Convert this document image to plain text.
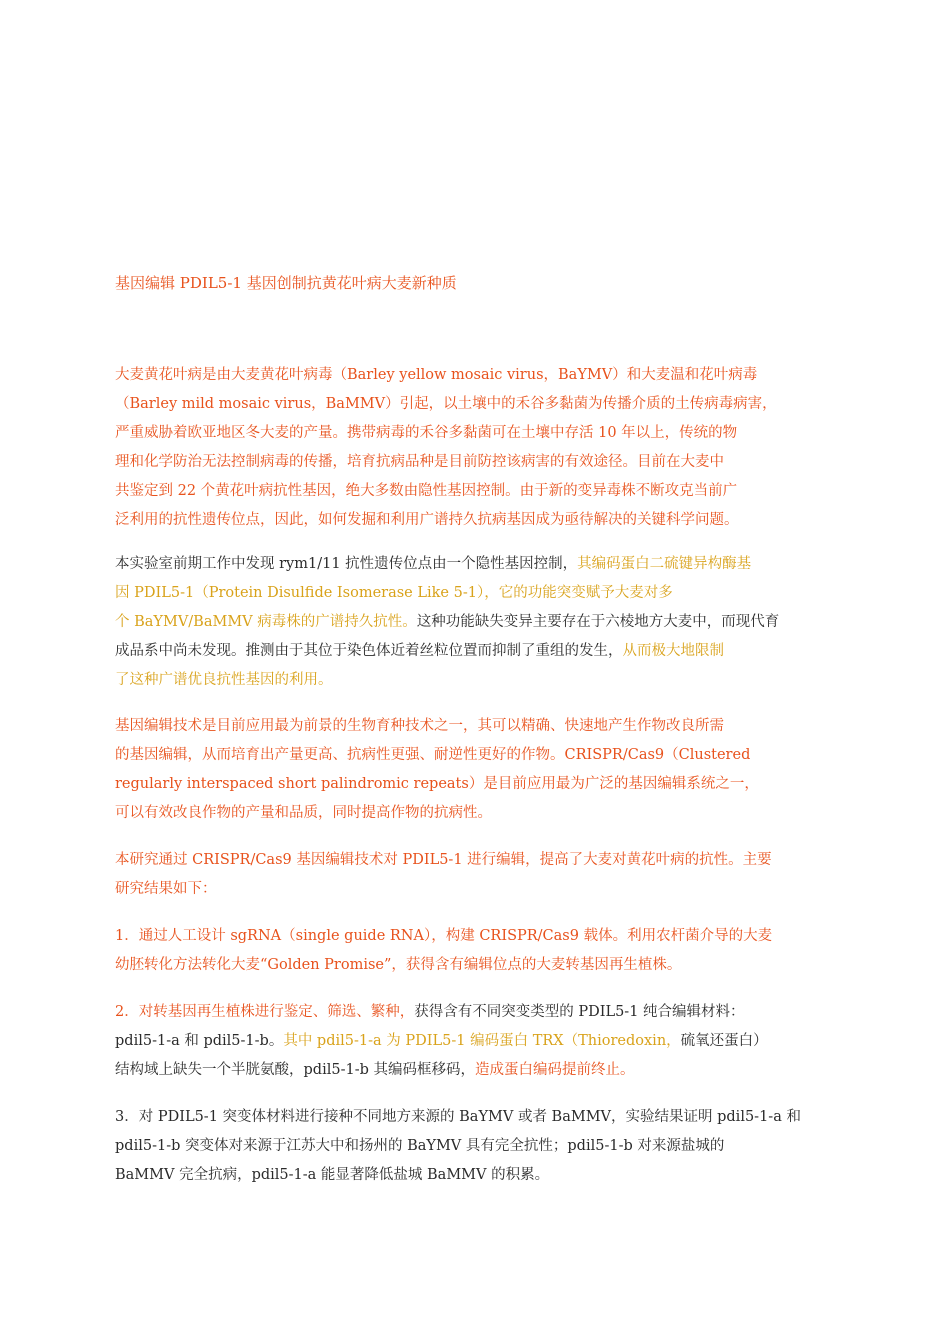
基因编辑 PDIL5-1 基因创制抗黄花叶病大麦新种质
大麦黄花叶病是由大麦黄花叶病毒（Barley yellow mosaic virus，BaYMV）和大麦温和花叶病毒
（Barley mild mosaic virus，BaMMV）引起，以土壤中的禾谷多黏菌为传播介质的土传病毒病害，
严重威胁着欧亚地区冬大麦的产量。携带病毒的禾谷多黏菌可在土壤中存活 10 年以上，传统的物
理和化学防治无法控制病毒的传播，培育抗病品种是目前防控该病害的有效途径。目前在大麦中
共鉴定到 22 个黄花叶病抗性基因，绝大多数由隐性基因控制。由于新的变异毒株不断攻克当前广
泛利用的抗性遗传位点，因此，如何发掘和利用广谱持久抗病基因成为亟待解决的关键科学问题。
本实验室前期工作中发现 rym1/11 抗性遗传位点由一个隐性基因控制，其编码蛋白二硫键异构酶基
因 PDIL5-1（Protein Disulfide Isomerase Like 5-1），它的功能突变赋予大麦对多
个 BaYMV/BaMMV 病毒株的广谱持久抗性。这种功能缺失变异主要存在于六棱地方大麦中，而现代育
成品系中尚未发现。推测由于其位于染色体近着丝粒位置而抑制了重组的发生，从而极大地限制
了这种广谱优良抗性基因的利用。
基因编辑技术是目前应用最为前景的生物育种技术之一，其可以精确、快速地产生作物改良所需
的基因编辑，从而培育出产量更高、抗病性更强、耐逆性更好的作物。CRISPR/Cas9（Clustered
regularly interspaced short palindromic repeats）是目前应用最为广泛的基因编辑系统之一，
可以有效改良作物的产量和品质，同时提高作物的抗病性。
本研究通过 CRISPR/Cas9 基因编辑技术对 PDIL5-1 进行编辑，提高了大麦对黄花叶病的抗性。主要
研究结果如下：
1．通过人工设计 sgRNA（single guide RNA），构建 CRISPR/Cas9 载体。利用农杆菌介导的大麦
幼胚转化方法转化大麦“Golden Promise”，获得含有编辑位点的大麦转基因再生植株。
2．对转基因再生植株进行鉴定、筛选、繁种，获得含有不同突变类型的 PDIL5-1 纯合编辑材料：
pdil5-1-a 和 pdil5-1-b。其中 pdil5-1-a 为 PDIL5-1 编码蛋白 TRX（Thioredoxin，硫氧还蛋白）
结构域上缺失一个半胱氨酸，pdil5-1-b 其编码框移码，造成蛋白编码提前终止。
3．对 PDIL5-1 突变体材料进行接种不同地方来源的 BaYMV 或者 BaMMV，实验结果证明 pdil5-1-a 和
pdil5-1-b 突变体对来源于江苏大中和扬州的 BaYMV 具有完全抗性；pdil5-1-b 对来源盐城的
BaMMV 完全抗病，pdil5-1-a 能显著降低盐城 BaMMV 的积累。
